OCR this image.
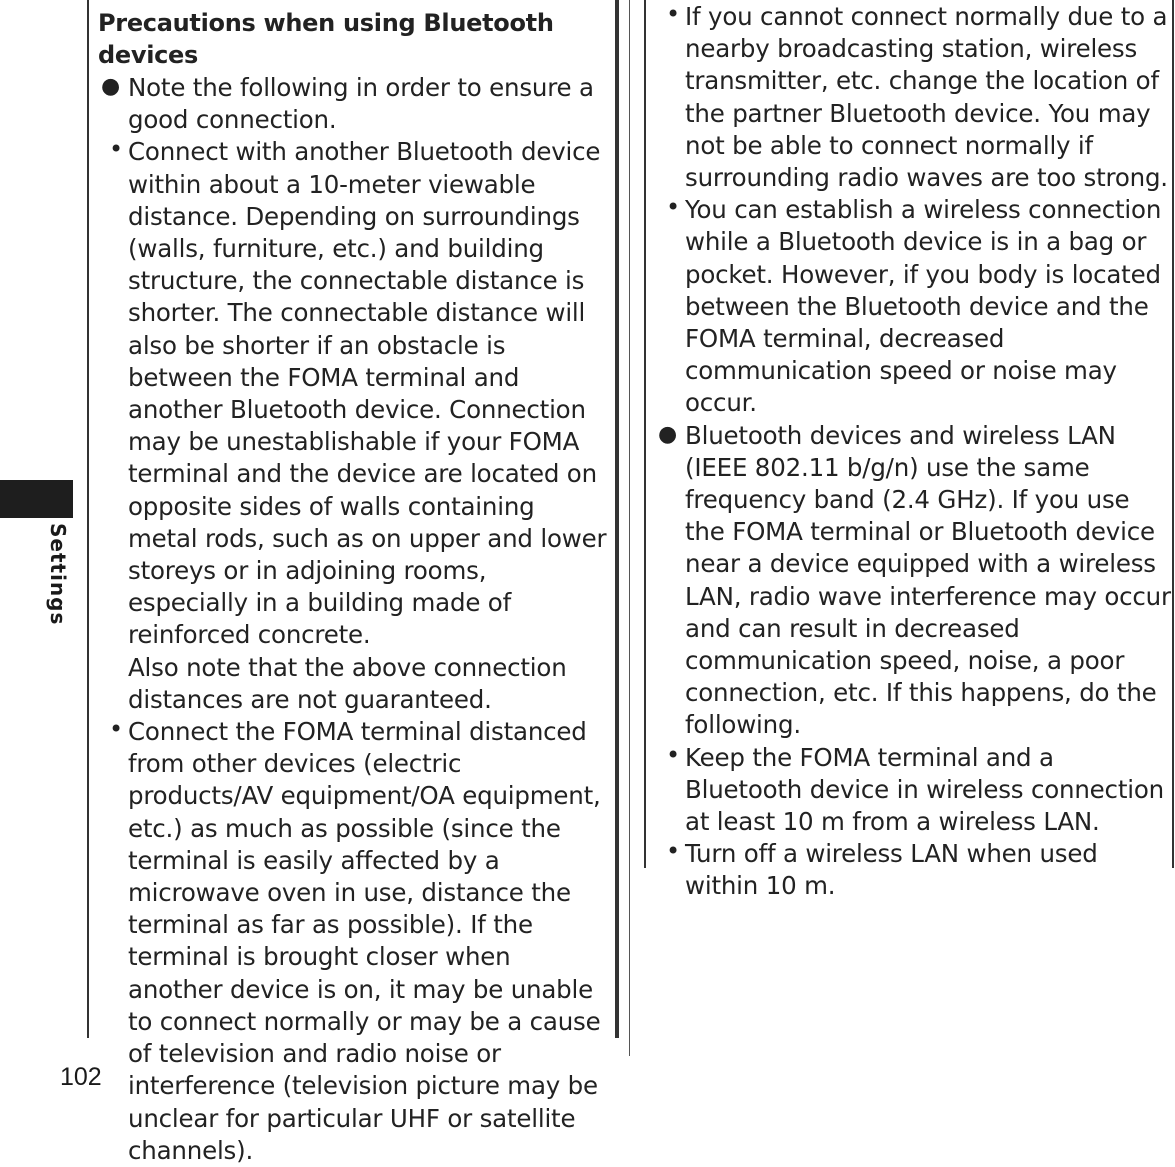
Settings
Precautions when using Bluetooth devices
● Note the following in order to ensure a good connection.
• Connect with another Bluetooth device within about a 10-meter viewable distance. Depending on surroundings (walls, furniture, etc.) and building structure, the connectable distance is shorter. The connectable distance will also be shorter if an obstacle is between the FOMA terminal and another Bluetooth device. Connection may be unestablishable if your FOMA terminal and the device are located on opposite sides of walls containing metal rods, such as on upper and lower storeys or in adjoining rooms, especially in a building made of reinforced concrete.
Also note that the above connection distances are not guaranteed.
• Connect the FOMA terminal distanced from other devices (electric products/AV equipment/OA equipment, etc.) as much as possible (since the terminal is easily affected by a microwave oven in use, distance the terminal as far as possible). If the terminal is brought closer when another device is on, it may be unable to connect normally or may be a cause of television and radio noise or interference (television picture may be unclear for particular UHF or satellite channels).
• If you cannot connect normally due to a nearby broadcasting station, wireless transmitter, etc. change the location of the partner Bluetooth device. You may not be able to connect normally if surrounding radio waves are too strong.
• You can establish a wireless connection while a Bluetooth device is in a bag or pocket. However, if you body is located between the Bluetooth device and the FOMA terminal, decreased communication speed or noise may occur.
● Bluetooth devices and wireless LAN (IEEE 802.11 b/g/n) use the same frequency band (2.4 GHz). If you use the FOMA terminal or Bluetooth device near a device equipped with a wireless LAN, radio wave interference may occur and can result in decreased communication speed, noise, a poor connection, etc. If this happens, do the following.
• Keep the FOMA terminal and a Bluetooth device in wireless connection at least 10 m from a wireless LAN.
• Turn off a wireless LAN when used within 10 m.
102
